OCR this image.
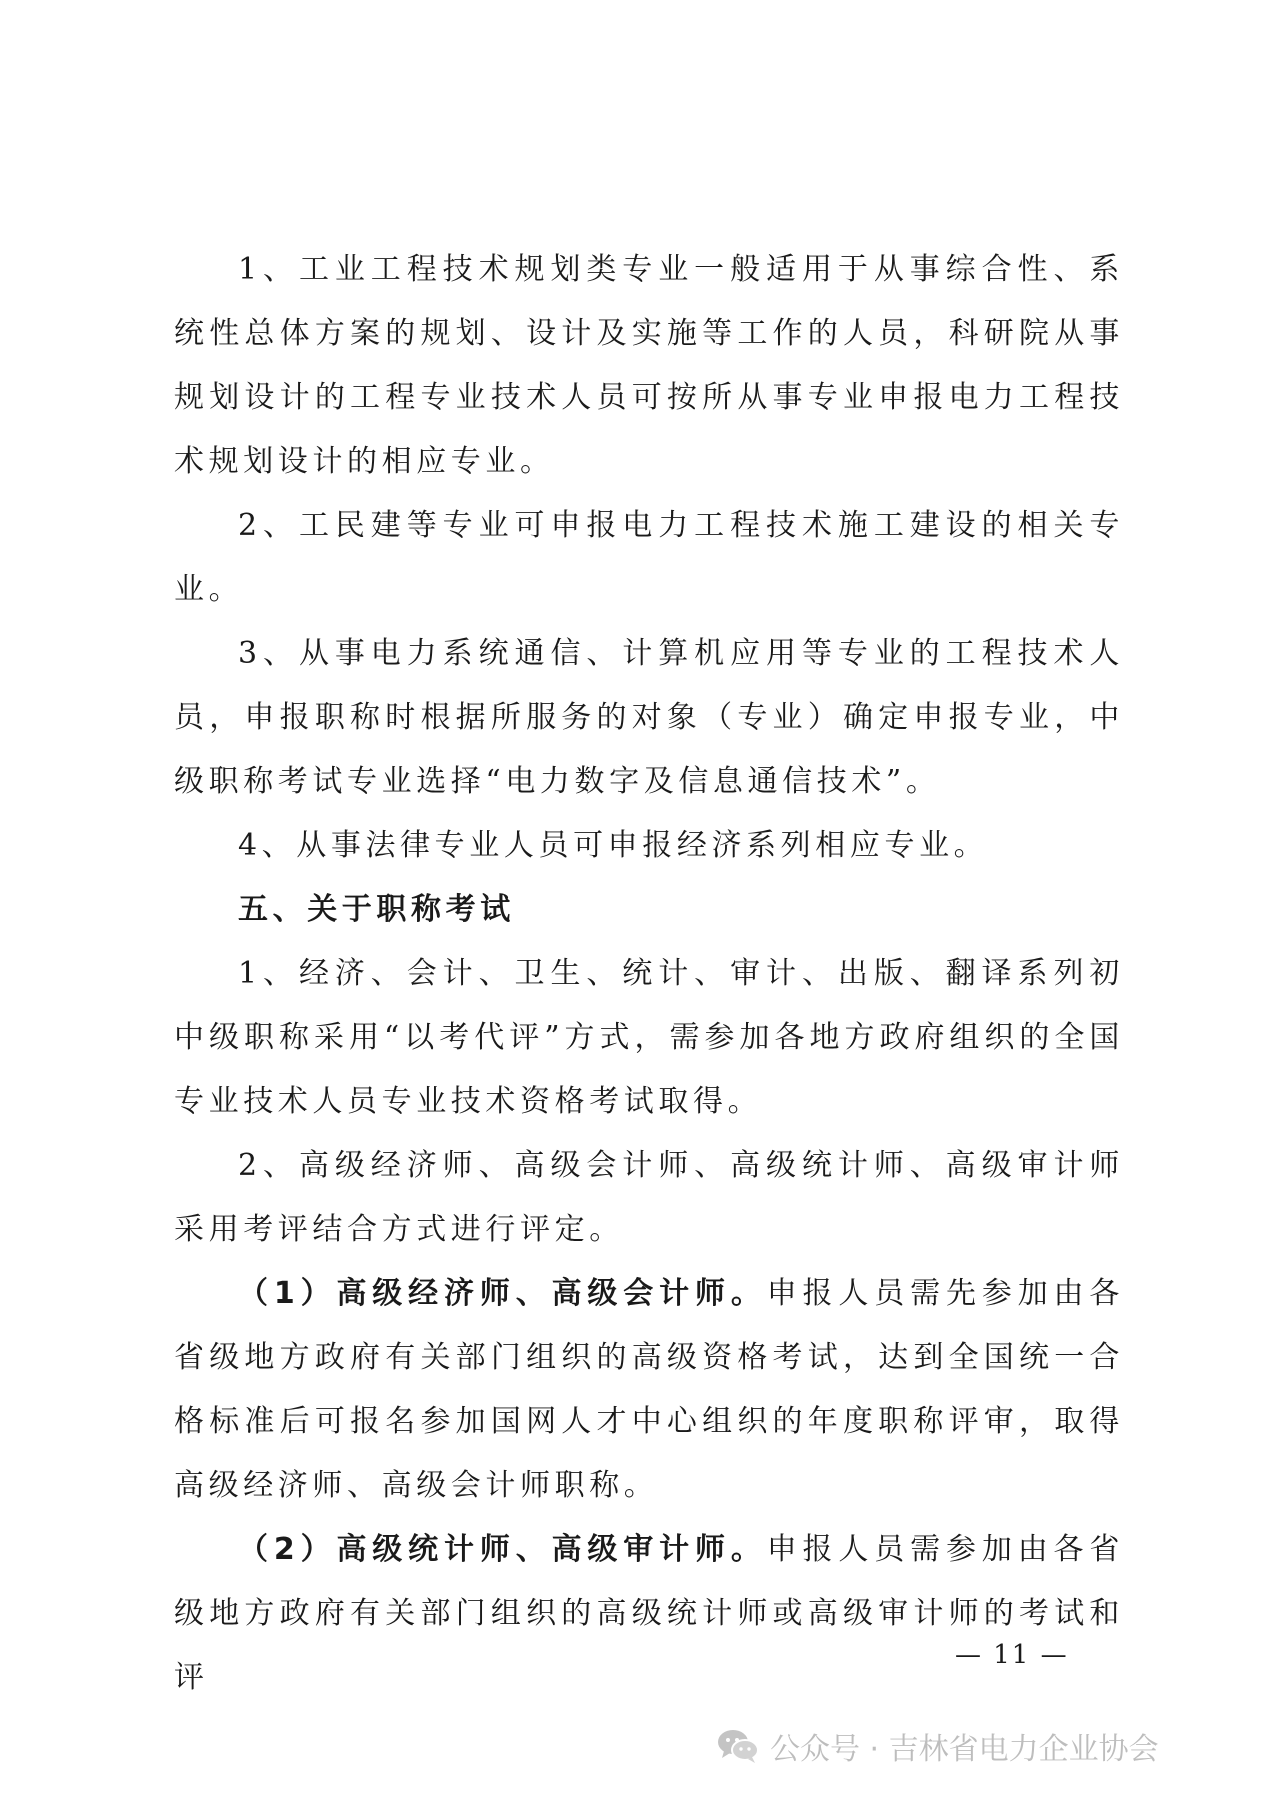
1、工业工程技术规划类专业一般适用于从事综合性、系统性总体方案的规划、设计及实施等工作的人员，科研院从事规划设计的工程专业技术人员可按所从事专业申报电力工程技术规划设计的相应专业。

2、工民建等专业可申报电力工程技术施工建设的相关专业。

3、从事电力系统通信、计算机应用等专业的工程技术人员，申报职称时根据所服务的对象（专业）确定申报专业，中级职称考试专业选择“电力数字及信息通信技术”。

4、从事法律专业人员可申报经济系列相应专业。

五、关于职称考试

1、经济、会计、卫生、统计、审计、出版、翻译系列初中级职称采用“以考代评”方式，需参加各地方政府组织的全国专业技术人员专业技术资格考试取得。

2、高级经济师、高级会计师、高级统计师、高级审计师采用考评结合方式进行评定。

（1）高级经济师、高级会计师。申报人员需先参加由各省级地方政府有关部门组织的高级资格考试，达到全国统一合格标准后可报名参加国网人才中心组织的年度职称评审，取得高级经济师、高级会计师职称。

（2）高级统计师、高级审计师。申报人员需参加由各省级地方政府有关部门组织的高级统计师或高级审计师的考试和评

— 11 —
公众号 · 吉林省电力企业协会
